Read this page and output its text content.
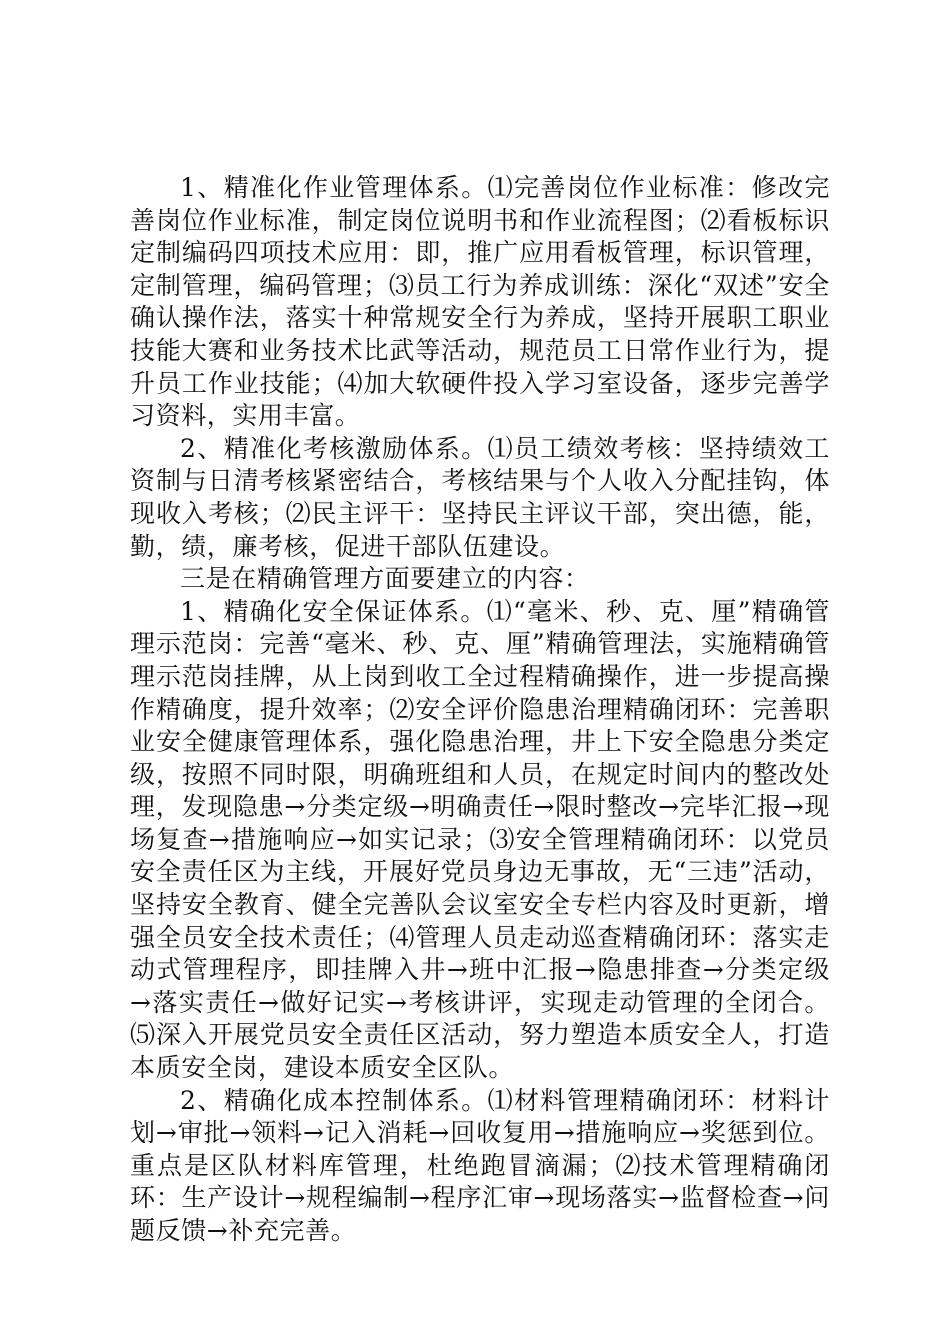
1、精准化作业管理体系。⑴完善岗位作业标准：修改完善岗位作业标准，制定岗位说明书和作业流程图；⑵看板标识定制编码四项技术应用：即，推广应用看板管理，标识管理，定制管理，编码管理；⑶员工行为养成训练：深化“双述”安全确认操作法，落实十种常规安全行为养成，坚持开展职工职业技能大赛和业务技术比武等活动，规范员工日常作业行为，提升员工作业技能；⑷加大软硬件投入学习室设备，逐步完善学习资料，实用丰富。

2、精准化考核激励体系。⑴员工绩效考核：坚持绩效工资制与日清考核紧密结合，考核结果与个人收入分配挂钩，体现收入考核；⑵民主评干：坚持民主评议干部，突出德，能，勤，绩，廉考核，促进干部队伍建设。

三是在精确管理方面要建立的内容：

1、精确化安全保证体系。⑴“毫米、秒、克、厘”精确管理示范岗：完善“毫米、秒、克、厘”精确管理法，实施精确管理示范岗挂牌，从上岗到收工全过程精确操作，进一步提高操作精确度，提升效率；⑵安全评价隐患治理精确闭环：完善职业安全健康管理体系，强化隐患治理，井上下安全隐患分类定级，按照不同时限，明确班组和人员，在规定时间内的整改处理，发现隐患→分类定级→明确责任→限时整改→完毕汇报→现场复查→措施响应→如实记录；⑶安全管理精确闭环：以党员安全责任区为主线，开展好党员身边无事故，无“三违”活动，坚持安全教育、健全完善队会议室安全专栏内容及时更新，增强全员安全技术责任；⑷管理人员走动巡查精确闭环：落实走动式管理程序，即挂牌入井→班中汇报→隐患排查→分类定级→落实责任→做好记实→考核讲评，实现走动管理的全闭合。⑸深入开展党员安全责任区活动，努力塑造本质安全人，打造本质安全岗，建设本质安全区队。

2、精确化成本控制体系。⑴材料管理精确闭环：材料计划→审批→领料→记入消耗→回收复用→措施响应→奖惩到位。重点是区队材料库管理，杜绝跑冒滴漏；⑵技术管理精确闭环：生产设计→规程编制→程序汇审→现场落实→监督检查→问题反馈→补充完善。
